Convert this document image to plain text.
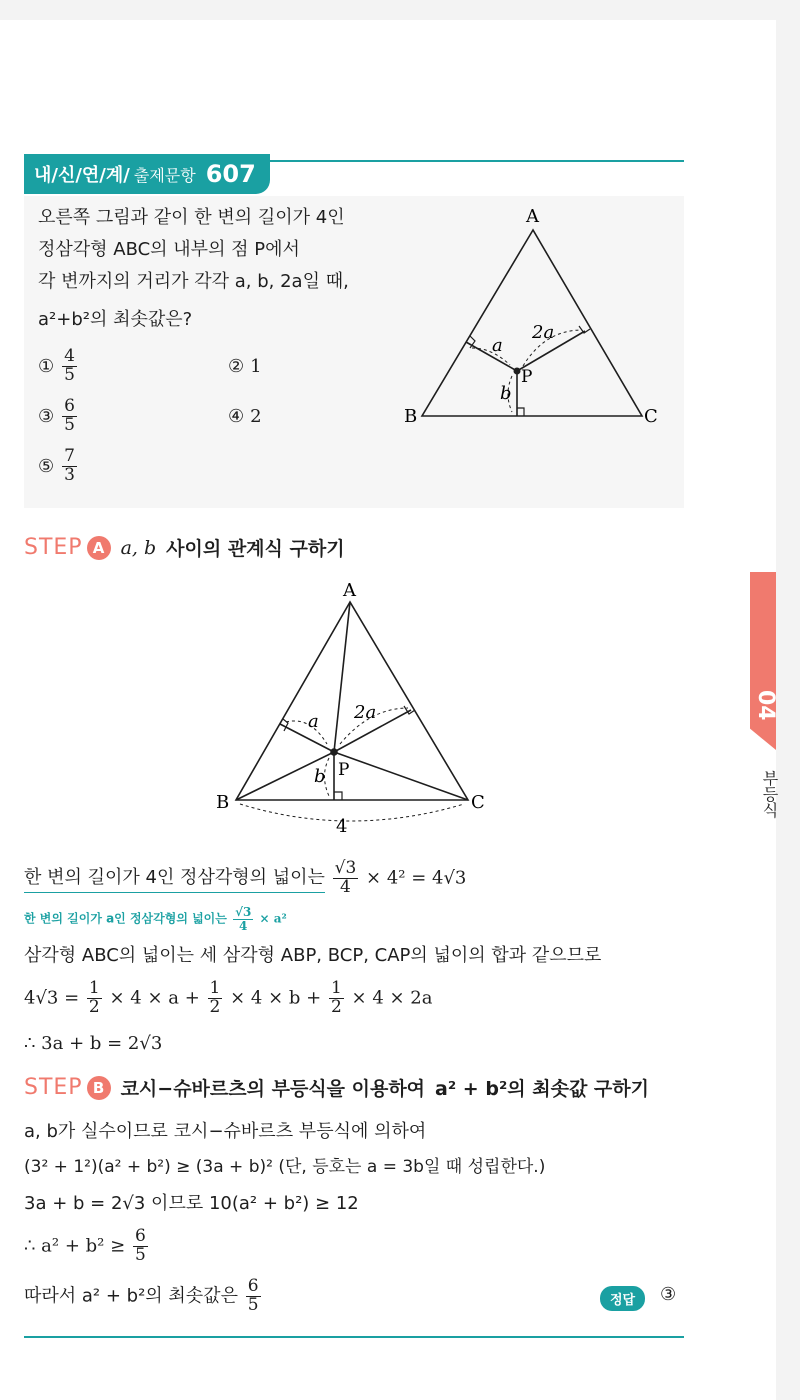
04
부등식
내/신/연/계/ 출제문항 607
오른쪽 그림과 같이 한 변의 길이가 4인
정삼각형 ABC의 내부의 점 P에서
각 변까지의 거리가 각각 a, b, 2a일 때,
a²+b²의 최솟값은?
① $\frac{4}{5}$	② 1
③ $\frac{6}{5}$	④ 2
⑤ $\frac{7}{3}$
A
B	C
P
a
b
2a
STEP A a, b 사이의 관계식 구하기
A
B	C
P
a
b
2a
4
한 변의 길이가 4인 정삼각형의 넓이는 $\frac{√3}{4} \times 4^2 = 4√3$
한 변의 길이가 a인 정삼각형의 넓이는 $\frac{√3}{4} \times a^2$
삼각형 ABC의 넓이는 세 삼각형 ABP, BCP, CAP의 넓이의 합과 같으므로
$4√3 = \frac{1}{2} \times 4 \times a + \frac{1}{2} \times 4 \times b + \frac{1}{2} \times 4 \times 2a$
∴ 3a + b = 2√3
STEP B 코시−슈바르츠의 부등식을 이용하여 a² + b²의 최솟값 구하기
a, b가 실수이므로 코시−슈바르츠 부등식에 의하여
(3² + 1²)(a² + b²) ≥ (3a + b)² (단, 등호는 a = 3b일 때 성립한다.)
3a + b = 2√3 이므로 10(a² + b²) ≥ 12
∴ $a^2 + b^2 \ge \frac{6}{5}$
따라서 a² + b²의 최솟값은 $\frac{6}{5}$	정답	③
